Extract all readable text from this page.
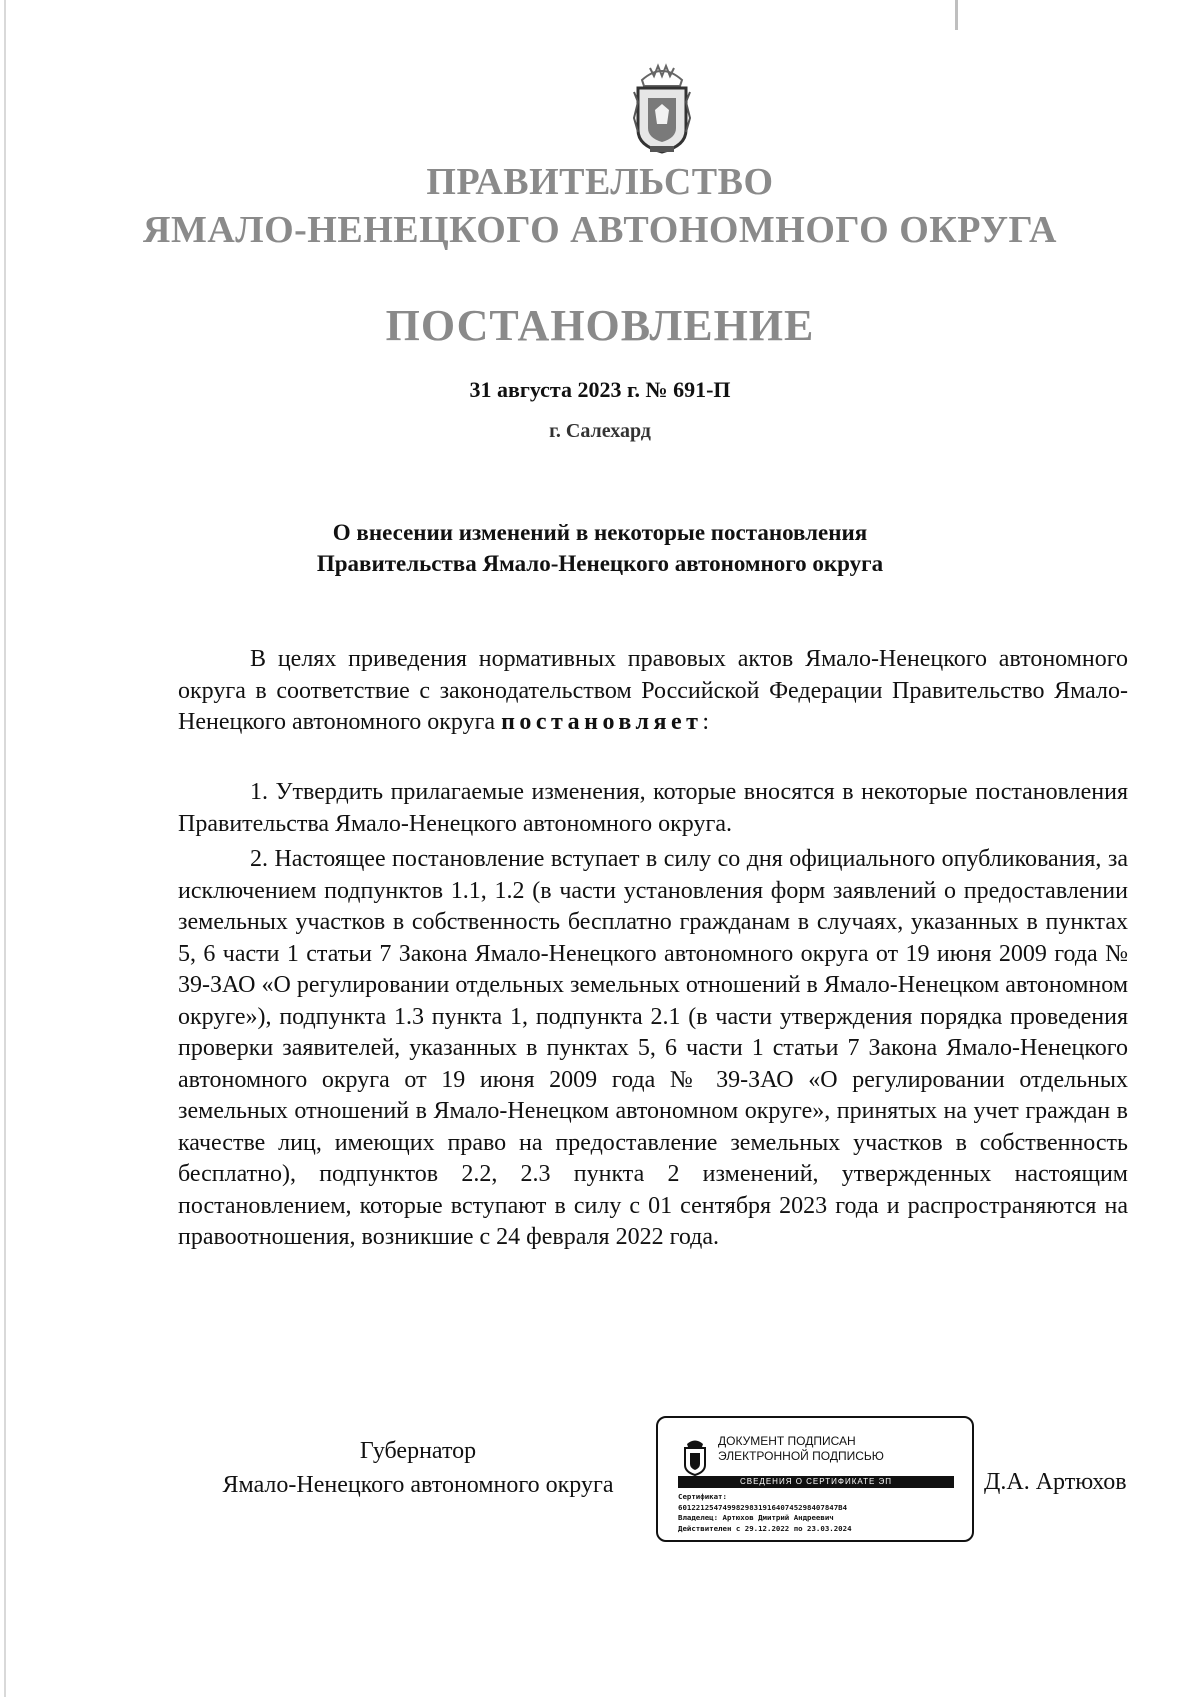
ПРАВИТЕЛЬСТВО
ЯМАЛО-НЕНЕЦКОГО АВТОНОМНОГО ОКРУГА
ПОСТАНОВЛЕНИЕ
31 августа 2023 г. № 691-П
г. Салехард
О внесении изменений в некоторые постановления
Правительства Ямало-Ненецкого автономного округа
В целях приведения нормативных правовых актов Ямало-Ненецкого автономного округа в соответствие с законодательством Российской Федерации Правительство Ямало-Ненецкого автономного округа постановляет:
1. Утвердить прилагаемые изменения, которые вносятся в некоторые постановления Правительства Ямало-Ненецкого автономного округа.
2. Настоящее постановление вступает в силу со дня официального опубликования, за исключением подпунктов 1.1, 1.2 (в части установления форм заявлений о предоставлении земельных участков в собственность бесплатно гражданам в случаях, указанных в пунктах 5, 6 части 1 статьи 7 Закона Ямало-Ненецкого автономного округа от 19 июня 2009 года № 39-ЗАО «О регулировании отдельных земельных отношений в Ямало-Ненецком автономном округе»), подпункта 1.3 пункта 1, подпункта 2.1 (в части утверждения порядка проведения проверки заявителей, указанных в пунктах 5, 6 части 1 статьи 7 Закона Ямало-Ненецкого автономного округа от 19 июня 2009 года № 39-ЗАО «О регулировании отдельных земельных отношений в Ямало-Ненецком автономном округе», принятых на учет граждан в качестве лиц, имеющих право на предоставление земельных участков в собственность бесплатно), подпунктов 2.2, 2.3 пункта 2 изменений, утвержденных настоящим постановлением, которые вступают в силу с 01 сентября 2023 года и распространяются на правоотношения, возникшие с 24 февраля 2022 года.
Губернатор
Ямало-Ненецкого автономного округа
ДОКУМЕНТ ПОДПИСАН
ЭЛЕКТРОННОЙ ПОДПИСЬЮ
СВЕДЕНИЯ О СЕРТИФИКАТЕ ЭП
Сертификат:
601221254749982983191640745298407847B4
Владелец: Артюхов Дмитрий Андреевич
Действителен с 29.12.2022 по 23.03.2024
Д.А. Артюхов
